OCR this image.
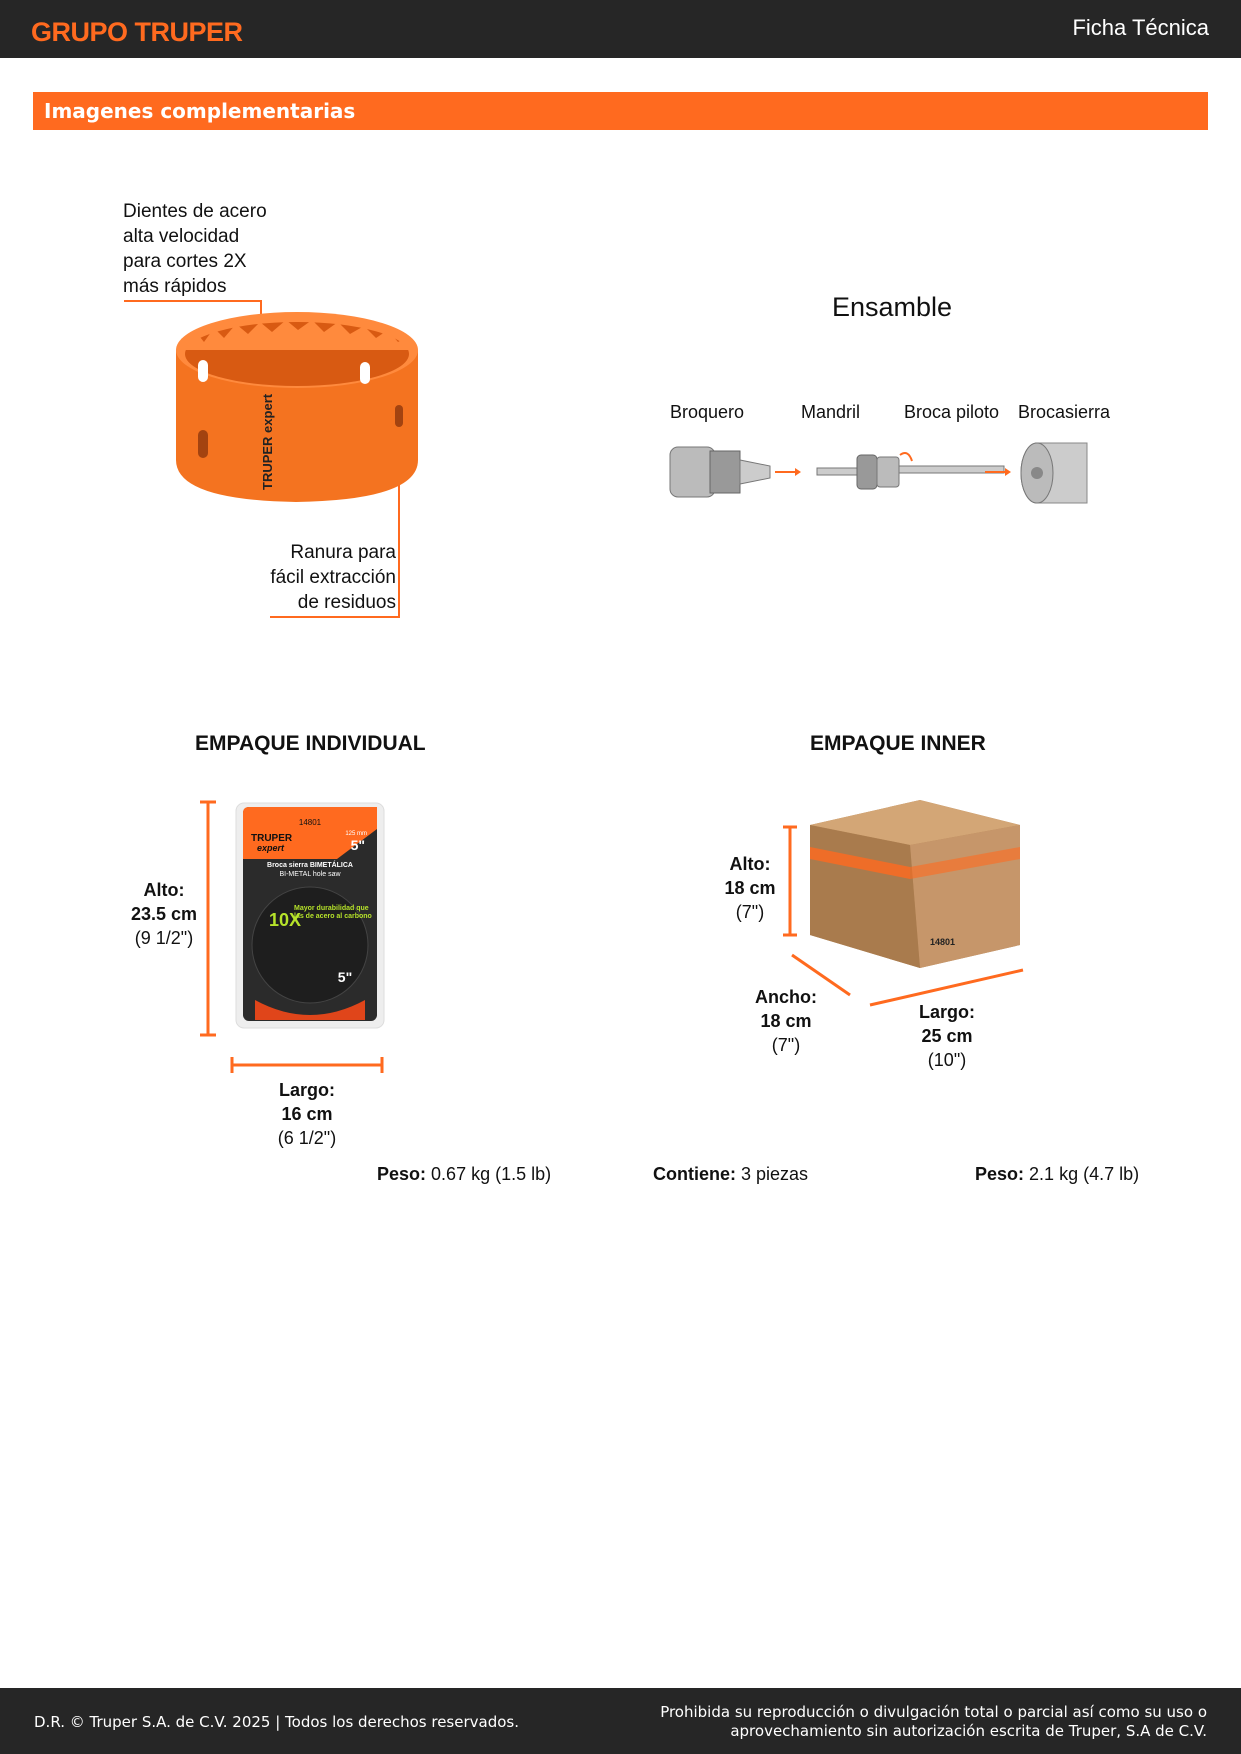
GRUPO TRUPER	Ficha Técnica
Imagenes complementarias
Dientes de acero
alta velocidad
para cortes 2X
más rápidos
Ranura para
fácil extracción
de residuos
TRUPER expert
Ensamble
Broquero	Mandril Broca piloto Brocasierra
EMPAQUE INDIVIDUAL
14801
TRUPER
expert
125 mm
5"
Broca sierra BIMETÁLICA
BI-METAL hole saw
10X
5"
Mayor durabilidad que las de acero al carbono
Alto:
23.5 cm
(9 1/2")
Largo:
16 cm
(6 1/2")
Peso: 0.67 kg (1.5 lb)
EMPAQUE INNER
14801
Alto:
18 cm
(7")
Ancho:
18 cm
(7")
Largo:
25 cm
(10")
Contiene: 3 piezas	Peso: 2.1 kg (4.7 lb)
D.R. © Truper S.A. de C.V. 2025 | Todos los derechos reservados.
Prohibida su reproducción o divulgación total o parcial así como su uso o
aprovechamiento sin autorización escrita de Truper, S.A de C.V.
